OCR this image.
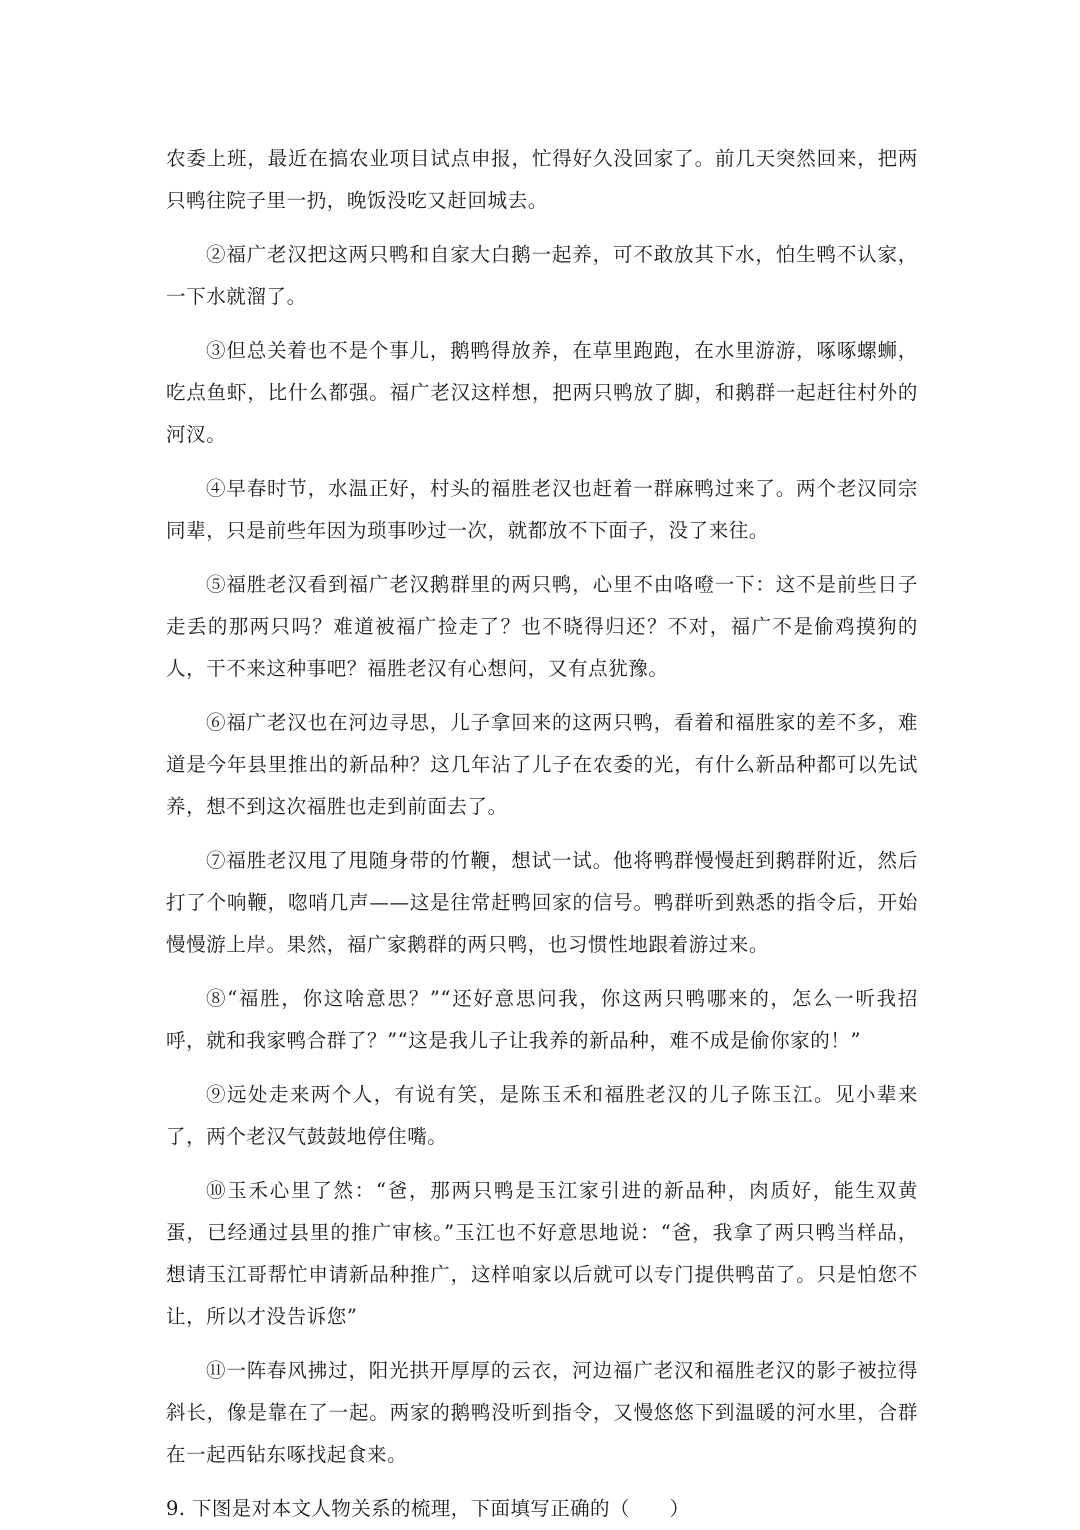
农委上班，最近在搞农业项目试点申报，忙得好久没回家了。前几天突然回来，把两只鸭往院子里一扔，晚饭没吃又赶回城去。

②福广老汉把这两只鸭和自家大白鹅一起养，可不敢放其下水，怕生鸭不认家，一下水就溜了。

③但总关着也不是个事儿，鹅鸭得放养，在草里跑跑，在水里游游，啄啄螺蛳，吃点鱼虾，比什么都强。福广老汉这样想，把两只鸭放了脚，和鹅群一起赶往村外的河汊。

④早春时节，水温正好，村头的福胜老汉也赶着一群麻鸭过来了。两个老汉同宗同辈，只是前些年因为琐事吵过一次，就都放不下面子，没了来往。

⑤福胜老汉看到福广老汉鹅群里的两只鸭，心里不由咯噔一下：这不是前些日子走丢的那两只吗？难道被福广捡走了？也不晓得归还？不对，福广不是偷鸡摸狗的人，干不来这种事吧？福胜老汉有心想问，又有点犹豫。

⑥福广老汉也在河边寻思，儿子拿回来的这两只鸭，看着和福胜家的差不多，难道是今年县里推出的新品种？这几年沾了儿子在农委的光，有什么新品种都可以先试养，想不到这次福胜也走到前面去了。

⑦福胜老汉甩了甩随身带的竹鞭，想试一试。他将鸭群慢慢赶到鹅群附近，然后打了个响鞭，唿哨几声——这是往常赶鸭回家的信号。鸭群听到熟悉的指令后，开始慢慢游上岸。果然，福广家鹅群的两只鸭，也习惯性地跟着游过来。

⑧“福胜，你这啥意思？”“还好意思问我，你这两只鸭哪来的，怎么一听我招呼，就和我家鸭合群了？”“这是我儿子让我养的新品种，难不成是偷你家的！”

⑨远处走来两个人，有说有笑，是陈玉禾和福胜老汉的儿子陈玉江。见小辈来了，两个老汉气鼓鼓地停住嘴。

⑩玉禾心里了然：“爸，那两只鸭是玉江家引进的新品种，肉质好，能生双黄蛋，已经通过县里的推广审核。”玉江也不好意思地说：“爸，我拿了两只鸭当样品，想请玉江哥帮忙申请新品种推广，这样咱家以后就可以专门提供鸭苗了。只是怕您不让，所以才没告诉您”

⑪一阵春风拂过，阳光拱开厚厚的云衣，河边福广老汉和福胜老汉的影子被拉得斜长，像是靠在了一起。两家的鹅鸭没听到指令，又慢悠悠下到温暖的河水里，合群在一起西钻东啄找起食来。

9. 下图是对本文人物关系的梳理，下面填写正确的（　　）
